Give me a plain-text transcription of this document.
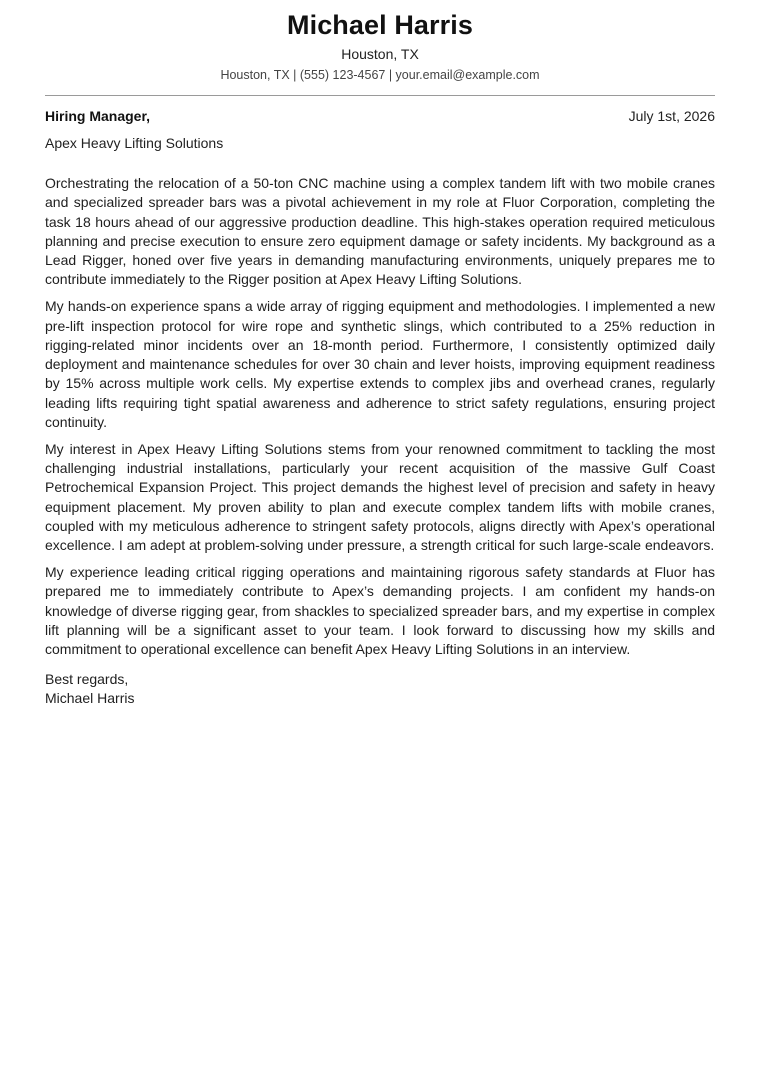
Michael Harris
Houston, TX
Houston, TX | (555) 123-4567 | your.email@example.com
Hiring Manager,	July 1st, 2026
Apex Heavy Lifting Solutions

Orchestrating the relocation of a 50-ton CNC machine using a complex tandem lift with two mobile cranes and specialized spreader bars was a pivotal achievement in my role at Fluor Corporation, completing the task 18 hours ahead of our aggressive production deadline. This high-stakes operation required meticulous planning and precise execution to ensure zero equipment damage or safety incidents. My background as a Lead Rigger, honed over five years in demanding manufacturing environments, uniquely prepares me to contribute immediately to the Rigger position at Apex Heavy Lifting Solutions.

My hands-on experience spans a wide array of rigging equipment and methodologies. I implemented a new pre-lift inspection protocol for wire rope and synthetic slings, which contributed to a 25% reduction in rigging-related minor incidents over an 18-month period. Furthermore, I consistently optimized daily deployment and maintenance schedules for over 30 chain and lever hoists, improving equipment readiness by 15% across multiple work cells. My expertise extends to complex jibs and overhead cranes, regularly leading lifts requiring tight spatial awareness and adherence to strict safety regulations, ensuring project continuity.

My interest in Apex Heavy Lifting Solutions stems from your renowned commitment to tackling the most challenging industrial installations, particularly your recent acquisition of the massive Gulf Coast Petrochemical Expansion Project. This project demands the highest level of precision and safety in heavy equipment placement. My proven ability to plan and execute complex tandem lifts with mobile cranes, coupled with my meticulous adherence to stringent safety protocols, aligns directly with Apex’s operational excellence. I am adept at problem-solving under pressure, a strength critical for such large-scale endeavors.

My experience leading critical rigging operations and maintaining rigorous safety standards at Fluor has prepared me to immediately contribute to Apex’s demanding projects. I am confident my hands-on knowledge of diverse rigging gear, from shackles to specialized spreader bars, and my expertise in complex lift planning will be a significant asset to your team. I look forward to discussing how my skills and commitment to operational excellence can benefit Apex Heavy Lifting Solutions in an interview.

Best regards,
Michael Harris
